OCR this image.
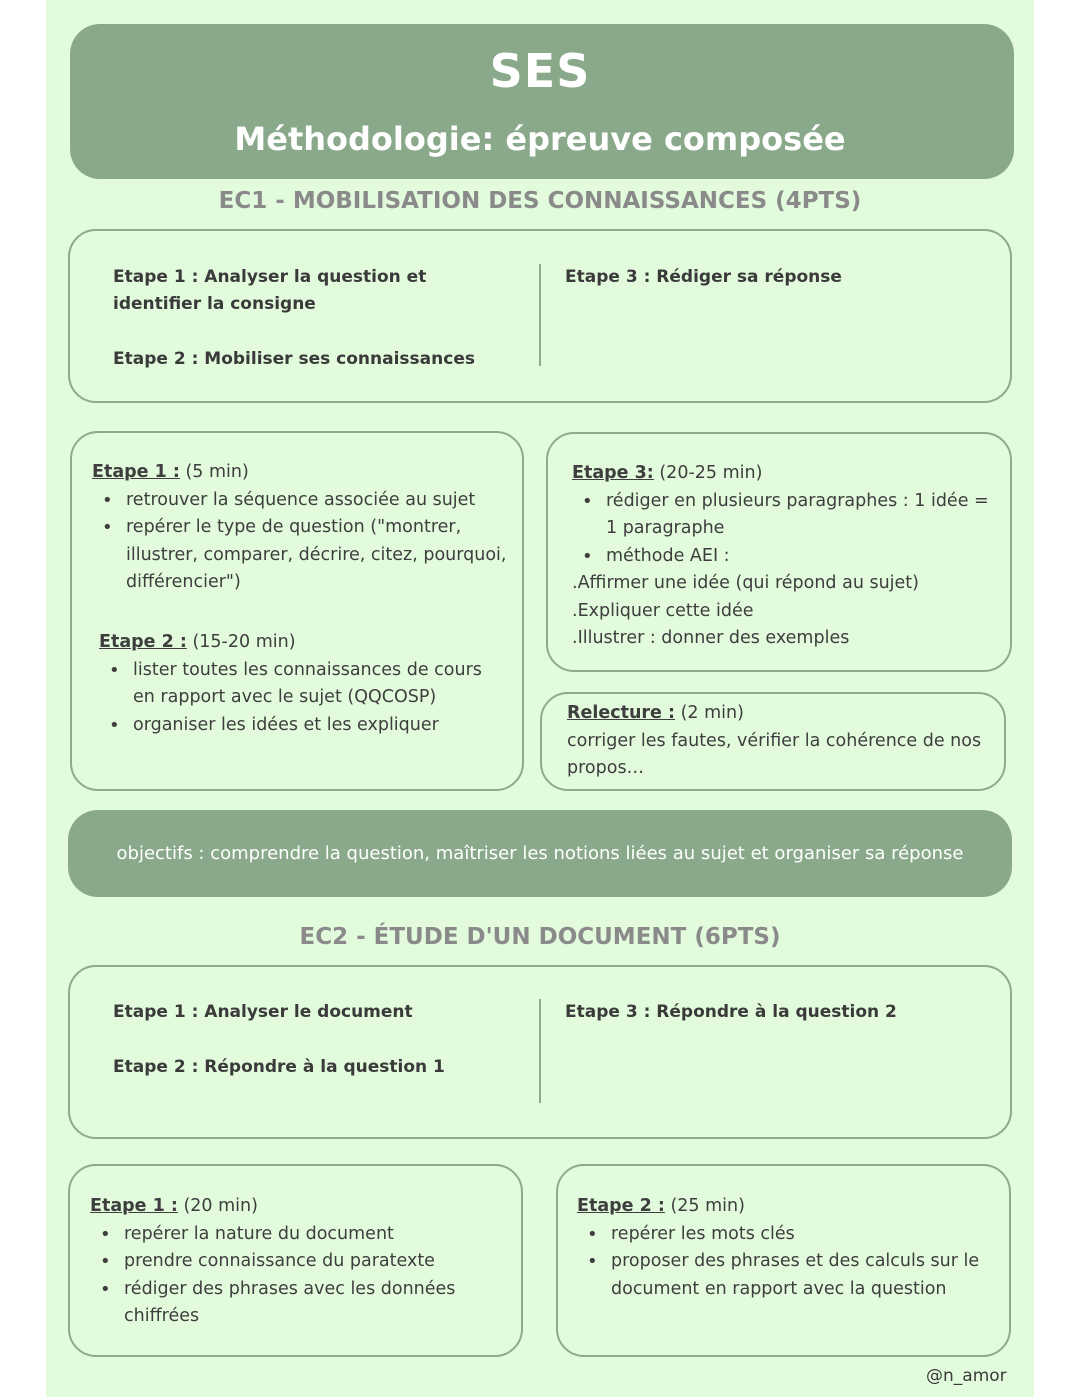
SES
Méthodologie: épreuve composée
EC1 - MOBILISATION DES CONNAISSANCES (4PTS)
Etape 1 : Analyser la question et identifier la consigne
Etape 2 : Mobiliser ses connaissances
Etape 3 : Rédiger sa réponse
Etape 1 : (5 min)
• retrouver la séquence associée au sujet
• repérer le type de question ("montrer, illustrer, comparer, décrire, citez, pourquoi, différencier")
Etape 2 : (15-20 min)
• lister toutes les connaissances de cours en rapport avec le sujet (QQCOSP)
• organiser les idées et les expliquer
Etape 3: (20-25 min)
• rédiger en plusieurs paragraphes : 1 idée = 1 paragraphe
• méthode AEI :
.Affirmer une idée (qui répond au sujet)
.Expliquer cette idée
.Illustrer : donner des exemples
Relecture : (2 min)
corriger les fautes, vérifier la cohérence de nos propos…
objectifs : comprendre la question, maîtriser les notions liées au sujet et organiser sa réponse
EC2 - ÉTUDE D'UN DOCUMENT (6PTS)
Etape 1 : Analyser le document
Etape 2 : Répondre à la question 1
Etape 3 : Répondre à la question 2
Etape 1 : (20 min)
• repérer la nature du document
• prendre connaissance du paratexte
• rédiger des phrases avec les données chiffrées
Etape 2 : (25 min)
• repérer les mots clés
• proposer des phrases et des calculs sur le document en rapport avec la question
@n_amor
